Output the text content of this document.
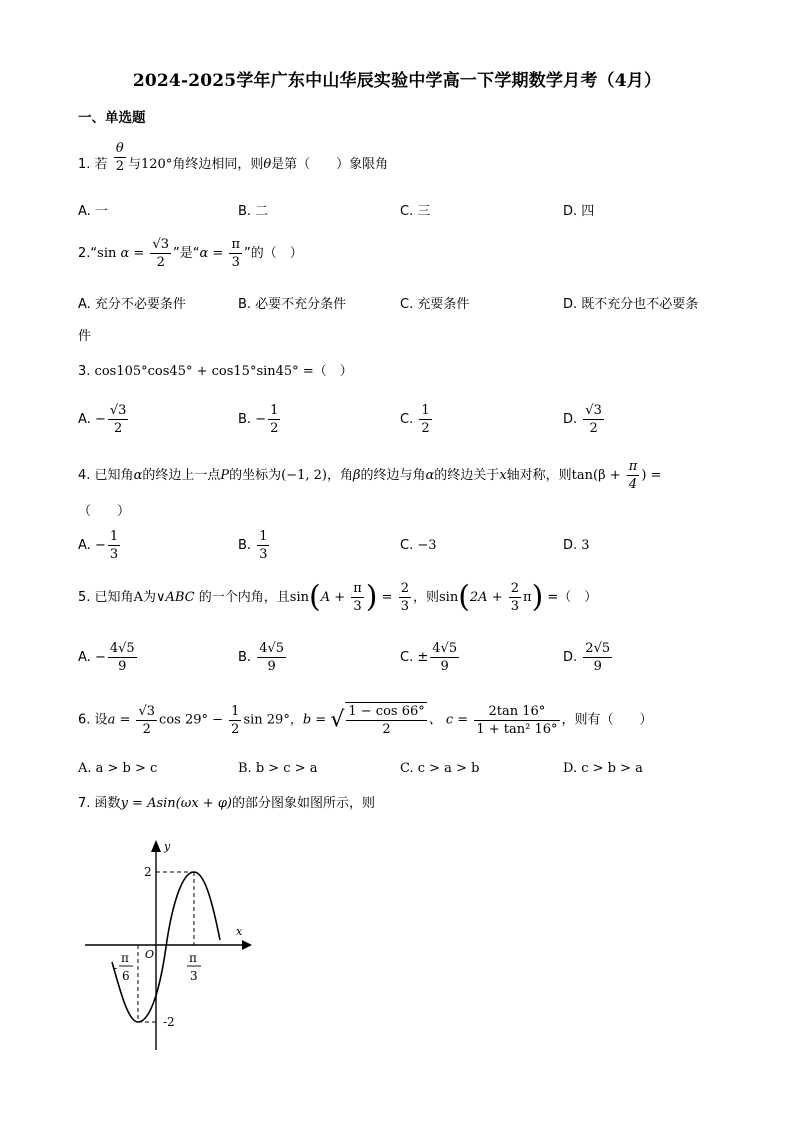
2024-2025学年广东中山华辰实验中学高一下学期数学月考（4月）
一、单选题
1. 若 $\frac{\theta}{2}$ 与120°角终边相同，则θ是第（　　）象限角
A. 一	B. 二	C. 三	D. 四
2.“sin $\alpha = \frac{√3}{2}$ ”是“$\alpha = \frac{\pi}{3}$ ”的（　）
A. 充分不必要条件	B. 必要不充分条件	C. 充要条件	D. 既不充分也不必要条
件
3. cos105°cos45° + cos15°sin45° =（　）
A. − $\frac{√3}{2}$	B. − $\frac{1}{2}$	C. $\frac{1}{2}$	D. $\frac{√3}{2}$
4. 已知角α的终边上一点P的坐标为(−1, 2)，角β的终边与角α的终边关于x轴对称，则$\tan(\beta + \frac{\pi}{4}$ ) =
（　　）
A. − $\frac{1}{3}$	B. $\frac{1}{3}$	C. −3	D. 3
5. 已知角A为∨ABC 的一个内角，且$\sin(A + \frac{\pi}{3}$ ) = $\frac{2}{3}$ ，则$\sin(2A + \frac{2}{3} \pi)$ =（　）
A. − $\frac{4√5}{9}$	B. $\frac{4√5}{9}$	C. ± $\frac{4√5}{9}$	D. $\frac{2√5}{9}$
6. 设$a = \frac{√3}{2}$ $\cos 29^\circ - \frac{1}{2}$ sin 29°，b = √ $\frac{1 - \cos 66^\circ}{2}$ 、 $c = \frac{2\tan 16^\circ}{\text{1 + tan² 16°}}$ ，则有（　　）
A. a > b > c	B. b > c > a	C. c > a > b	D. c > b > a
7. 函数y = Asin(ωx + φ)的部分图象如图所示，则
y
x
O
2
-2
π
3
π
-
6
